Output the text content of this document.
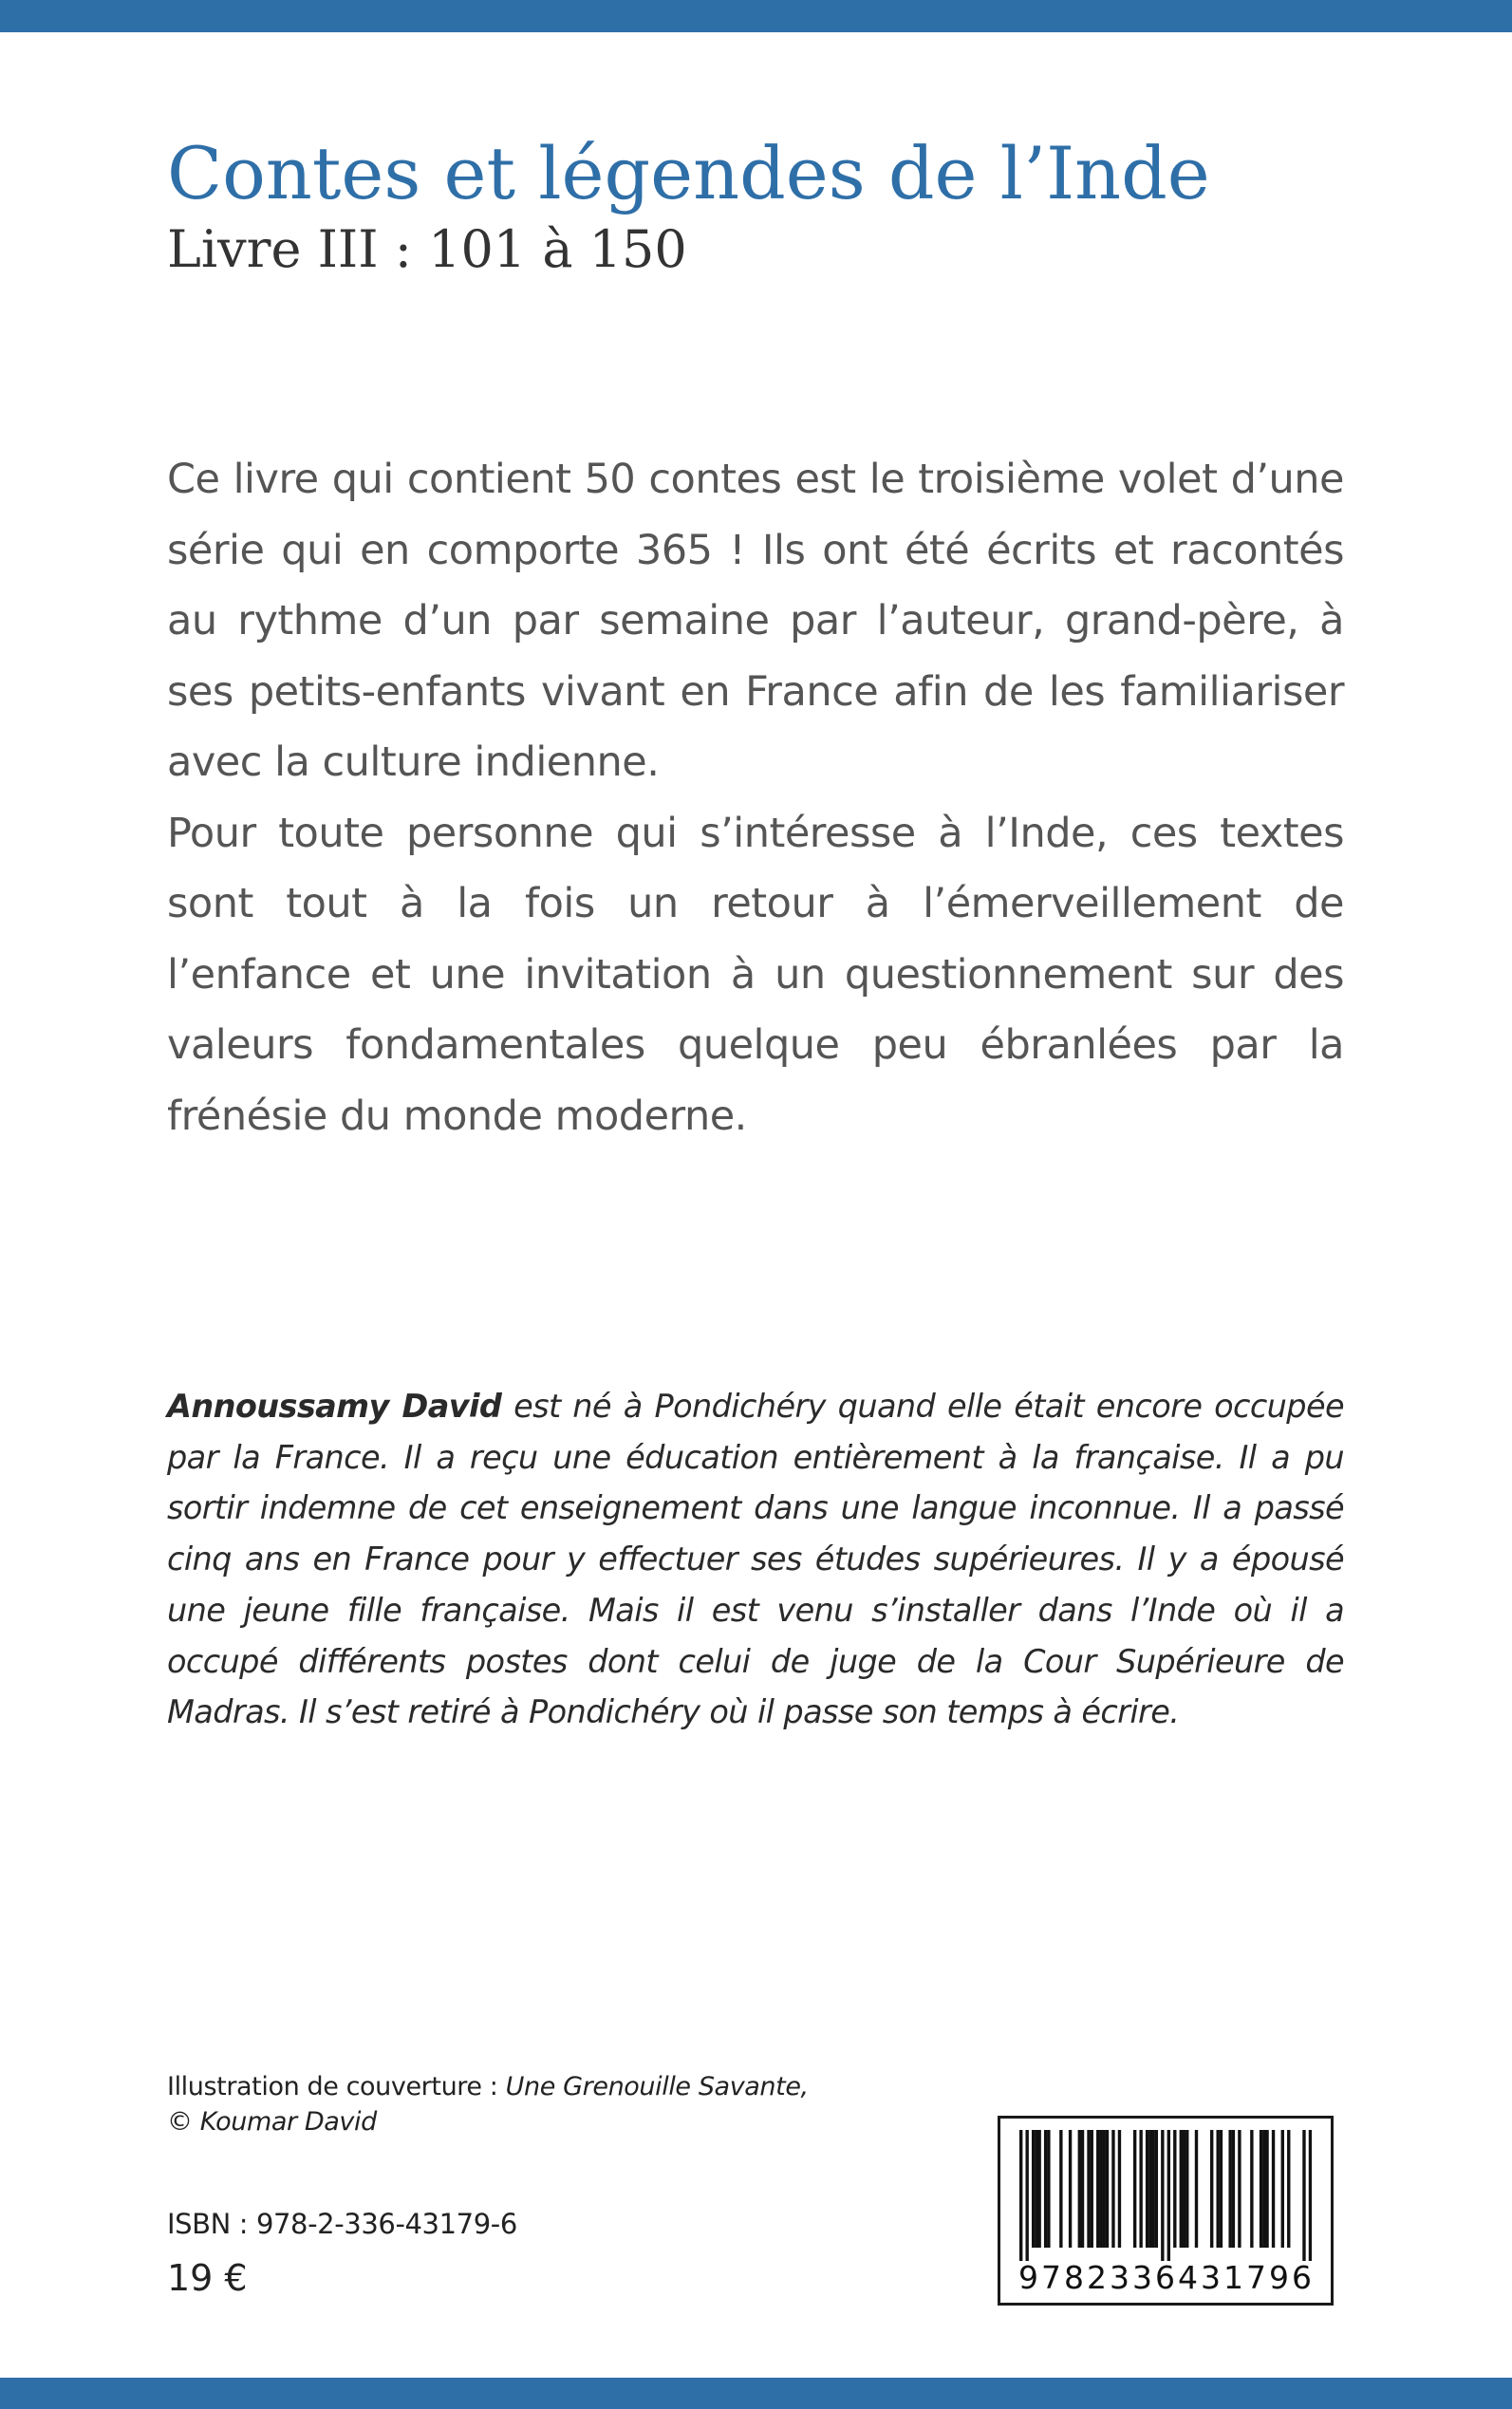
Contes et légendes de l’Inde
Livre III : 101 à 150

Ce livre qui contient 50 contes est le troisième volet d’une série qui en comporte 365 ! Ils ont été écrits et racontés au rythme d’un par semaine par l’auteur, grand-père, à ses petits-enfants vivant en France afin de les familiariser avec la culture indienne.

Pour toute personne qui s’intéresse à l’Inde, ces textes sont tout à la fois un retour à l’émerveillement de l’enfance et une invitation à un questionnement sur des valeurs fondamentales quelque peu ébranlées par la frénésie du monde moderne.

Annoussamy David est né à Pondichéry quand elle était encore occupée par la France. Il a reçu une éducation entièrement à la française. Il a pu sortir indemne de cet enseignement dans une langue inconnue. Il a passé cinq ans en France pour y effectuer ses études supérieures. Il y a épousé une jeune fille française. Mais il est venu s’installer dans l’Inde où il a occupé différents postes dont celui de juge de la Cour Supérieure de Madras. Il s’est retiré à Pondichéry où il passe son temps à écrire.

Illustration de couverture : Une Grenouille Savante,
© Koumar David
ISBN : 978-2-336-43179-6
19 €	9782336431796
